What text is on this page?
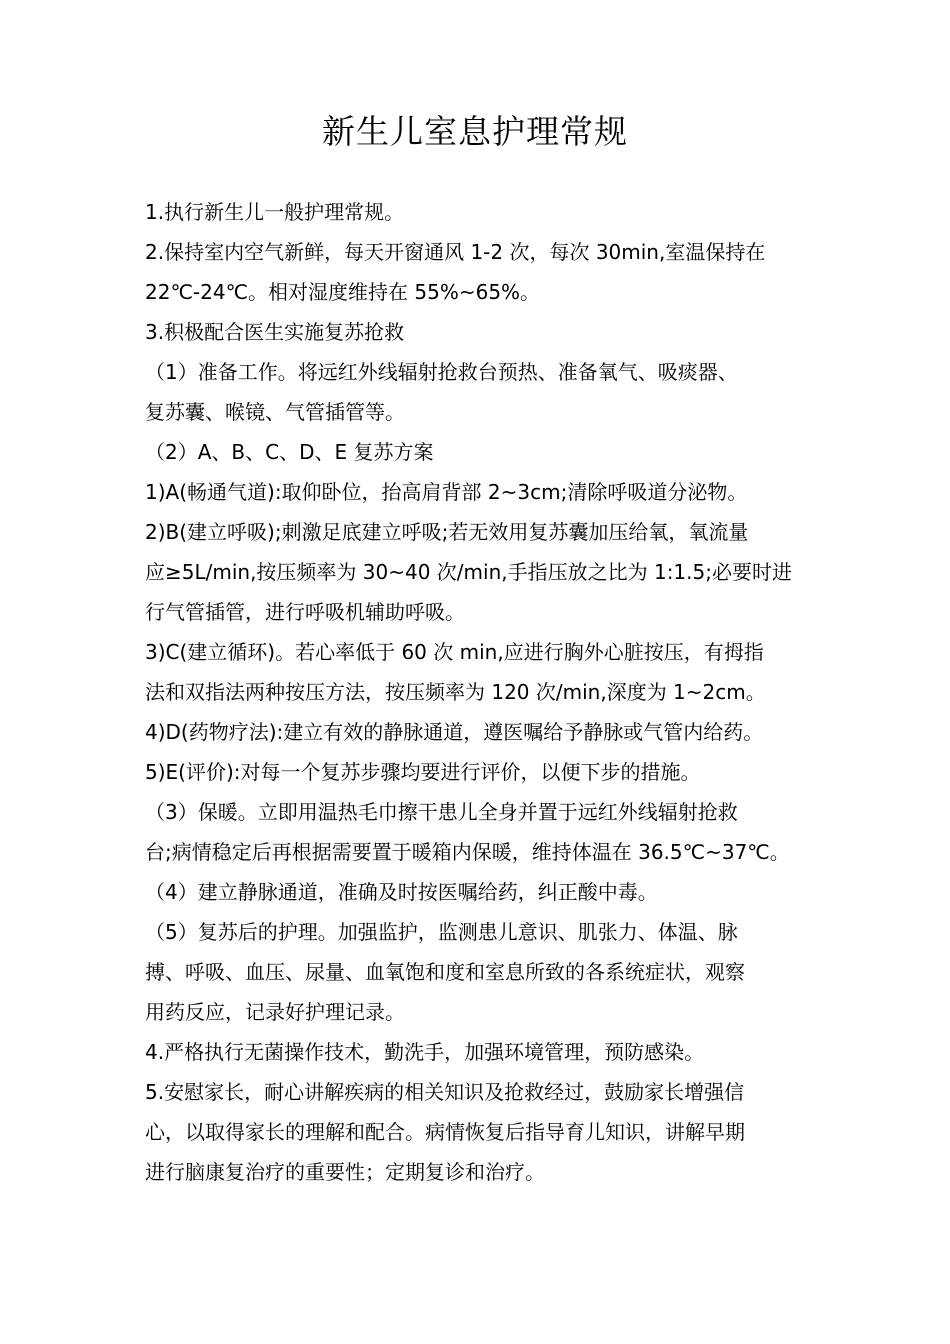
新生儿室息护理常规
1.执行新生儿一般护理常规。
2.保持室内空气新鲜，每天开窗通风 1-2 次，每次 30min,室温保持在
22℃-24℃。相对湿度维持在 55%~65%。
3.积极配合医生实施复苏抢救
（1）准备工作。将远红外线辐射抢救台预热、准备氧气、吸痰器、
复苏囊、喉镜、气管插管等。
（2）A、B、C、D、E 复苏方案
1)A(畅通气道):取仰卧位，抬高肩背部 2~3cm;清除呼吸道分泌物。
2)B(建立呼吸);刺激足底建立呼吸;若无效用复苏囊加压给氧，氧流量
应≥5L/min,按压频率为 30~40 次/min,手指压放之比为 1:1.5;必要时进
行气管插管，进行呼吸机辅助呼吸。
3)C(建立循环)。若心率低于 60 次 min,应进行胸外心脏按压，有拇指
法和双指法两种按压方法，按压频率为 120 次/min,深度为 1~2cm。
4)D(药物疗法):建立有效的静脉通道，遵医嘱给予静脉或气管内给药。
5)E(评价):对每一个复苏步骤均要进行评价，以便下步的措施。
（3）保暖。立即用温热毛巾擦干患儿全身并置于远红外线辐射抢救
台;病情稳定后再根据需要置于暖箱内保暖，维持体温在 36.5℃~37℃。
（4）建立静脉通道，准确及时按医嘱给药，纠正酸中毒。
（5）复苏后的护理。加强监护，监测患儿意识、肌张力、体温、脉
搏、呼吸、血压、尿量、血氧饱和度和室息所致的各系统症状，观察
用药反应，记录好护理记录。
4.严格执行无菌操作技术，勤洗手，加强环境管理，预防感染。
5.安慰家长，耐心讲解疾病的相关知识及抢救经过，鼓励家长增强信
心，以取得家长的理解和配合。病情恢复后指导育儿知识，讲解早期
进行脑康复治疗的重要性；定期复诊和治疗。
